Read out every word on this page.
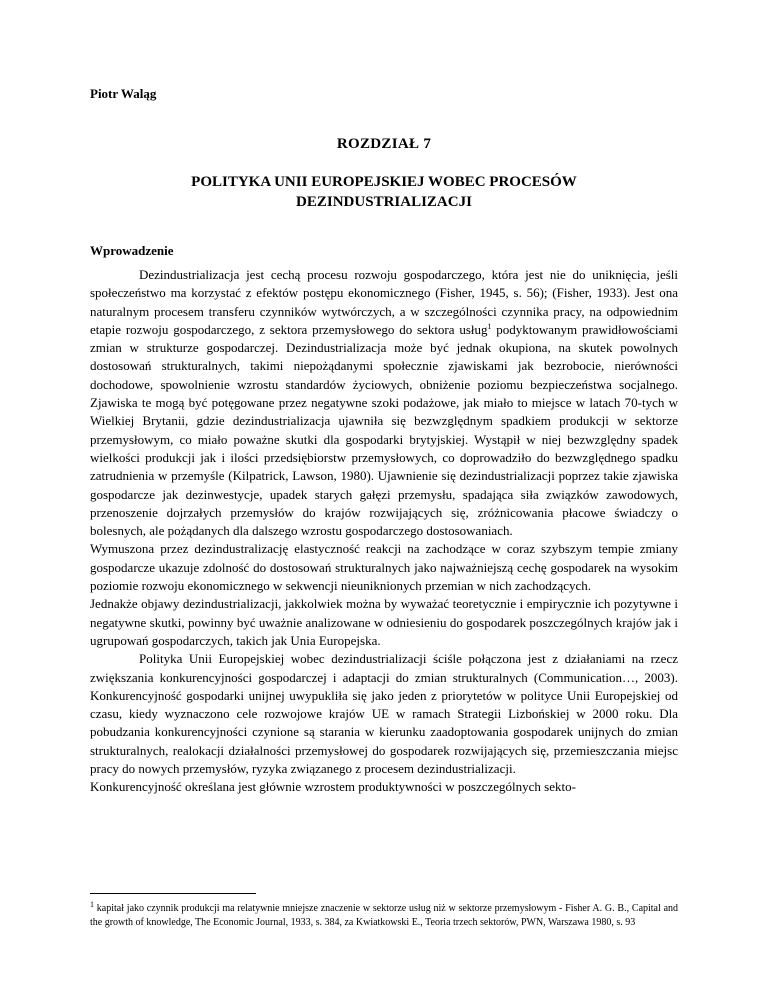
Piotr Waląg
ROZDZIAŁ 7
POLITYKA UNII EUROPEJSKIEJ WOBEC PROCESÓW DEZINDUSTRIALIZACJI
Wprowadzenie

Dezindustrializacja jest cechą procesu rozwoju gospodarczego, która jest nie do uniknięcia, jeśli społeczeństwo ma korzystać z efektów postępu ekonomicznego (Fisher, 1945, s. 56); (Fisher, 1933). Jest ona naturalnym procesem transferu czynników wytwórczych, a w szczególności czynnika pracy, na odpowiednim etapie rozwoju gospodarczego, z sektora przemysłowego do sektora usług$^1$ podyktowanym prawidłowościami zmian w strukturze gospodarczej. Dezindustrializacja może być jednak okupiona, na skutek powolnych dostosowań strukturalnych, takimi niepożądanymi społecznie zjawiskami jak bezrobocie, nierówności dochodowe, spowolnienie wzrostu standardów życiowych, obniżenie poziomu bezpieczeństwa socjalnego. Zjawiska te mogą być potęgowane przez negatywne szoki podażowe, jak miało to miejsce w latach 70-tych w Wielkiej Brytanii, gdzie dezindustrializacja ujawniła się bezwzględnym spadkiem produkcji w sektorze przemysłowym, co miało poważne skutki dla gospodarki brytyjskiej. Wystąpił w niej bezwzględny spadek wielkości produkcji jak i ilości przedsiębiorstw przemysłowych, co doprowadziło do bezwzględnego spadku zatrudnienia w przemyśle (Kilpatrick, Lawson, 1980). Ujawnienie się dezindustrializacji poprzez takie zjawiska gospodarcze jak dezinwestycje, upadek starych gałęzi przemysłu, spadająca siła związków zawodowych, przenoszenie dojrzałych przemysłów do krajów rozwijających się, zróżnicowania płacowe świadczy o bolesnych, ale pożądanych dla dalszego wzrostu gospodarczego dostosowaniach.

Wymuszona przez dezindustralizację elastyczność reakcji na zachodzące w coraz szybszym tempie zmiany gospodarcze ukazuje zdolność do dostosowań strukturalnych jako najważniejszą cechę gospodarek na wysokim poziomie rozwoju ekonomicznego w sekwencji nieuniknionych przemian w nich zachodzących.

Jednakże objawy dezindustrializacji, jakkolwiek można by wyważać teoretycznie i empirycznie ich pozytywne i negatywne skutki, powinny być uważnie analizowane w odniesieniu do gospodarek poszczególnych krajów jak i ugrupowań gospodarczych, takich jak Unia Europejska.

Polityka Unii Europejskiej wobec dezindustrializacji ściśle połączona jest z działaniami na rzecz zwiększania konkurencyjności gospodarczej i adaptacji do zmian strukturalnych (Communication…, 2003). Konkurencyjność gospodarki unijnej uwypukliła się jako jeden z priorytetów w polityce Unii Europejskiej od czasu, kiedy wyznaczono cele rozwojowe krajów UE w ramach Strategii Lizbońskiej w 2000 roku. Dla pobudzania konkurencyjności czynione są starania w kierunku zaadoptowania gospodarek unijnych do zmian strukturalnych, realokacji działalności przemysłowej do gospodarek rozwijających się, przemieszczania miejsc pracy do nowych przemysłów, ryzyka związanego z procesem dezindustrializacji.

Konkurencyjność określana jest głównie wzrostem produktywności w poszczególnych sekto-

$^1$ kapitał jako czynnik produkcji ma relatywnie mniejsze znaczenie w sektorze usług niż w sektorze przemysłowym - Fisher A. G. B., Capital and the growth of knowledge, The Economic Journal, 1933, s. 384, za Kwiatkowski E., Teoria trzech sektorów, PWN, Warszawa 1980, s. 93
